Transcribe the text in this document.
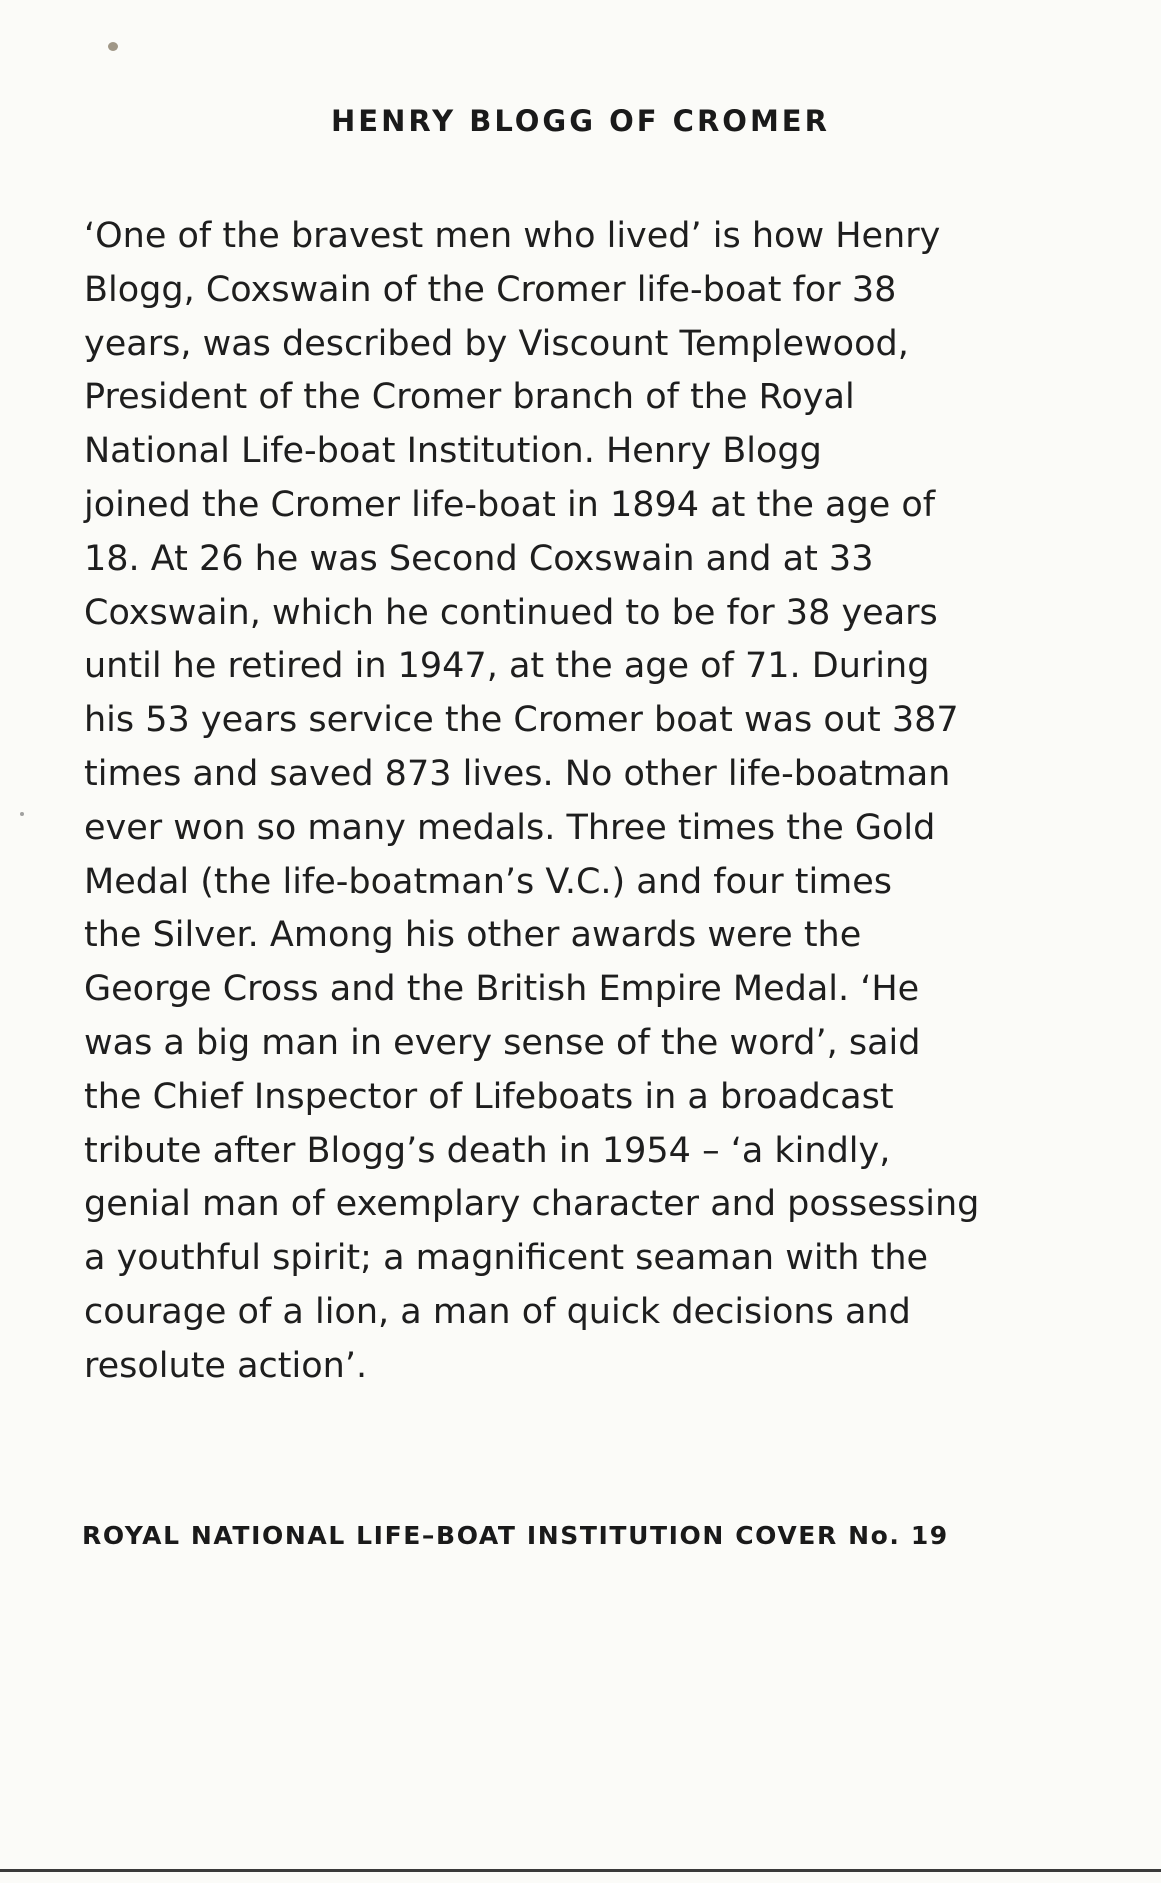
HENRY BLOGG OF CROMER

‘One of the bravest men who lived’ is how Henry
Blogg, Coxswain of the Cromer life-boat for 38
years, was described by Viscount Templewood,
President of the Cromer branch of the Royal
National Life-boat Institution. Henry Blogg
joined the Cromer life-boat in 1894 at the age of
18. At 26 he was Second Coxswain and at 33
Coxswain, which he continued to be for 38 years
until he retired in 1947, at the age of 71. During
his 53 years service the Cromer boat was out 387
times and saved 873 lives. No other life-boatman
ever won so many medals. Three times the Gold
Medal (the life-boatman’s V.C.) and four times
the Silver. Among his other awards were the
George Cross and the British Empire Medal. ‘He
was a big man in every sense of the word’, said
the Chief Inspector of Lifeboats in a broadcast
tribute after Blogg’s death in 1954 – ‘a kindly,
genial man of exemplary character and possessing
a youthful spirit; a magnificent seaman with the
courage of a lion, a man of quick decisions and
resolute action’.

ROYAL NATIONAL LIFE–BOAT INSTITUTION COVER No. 19
